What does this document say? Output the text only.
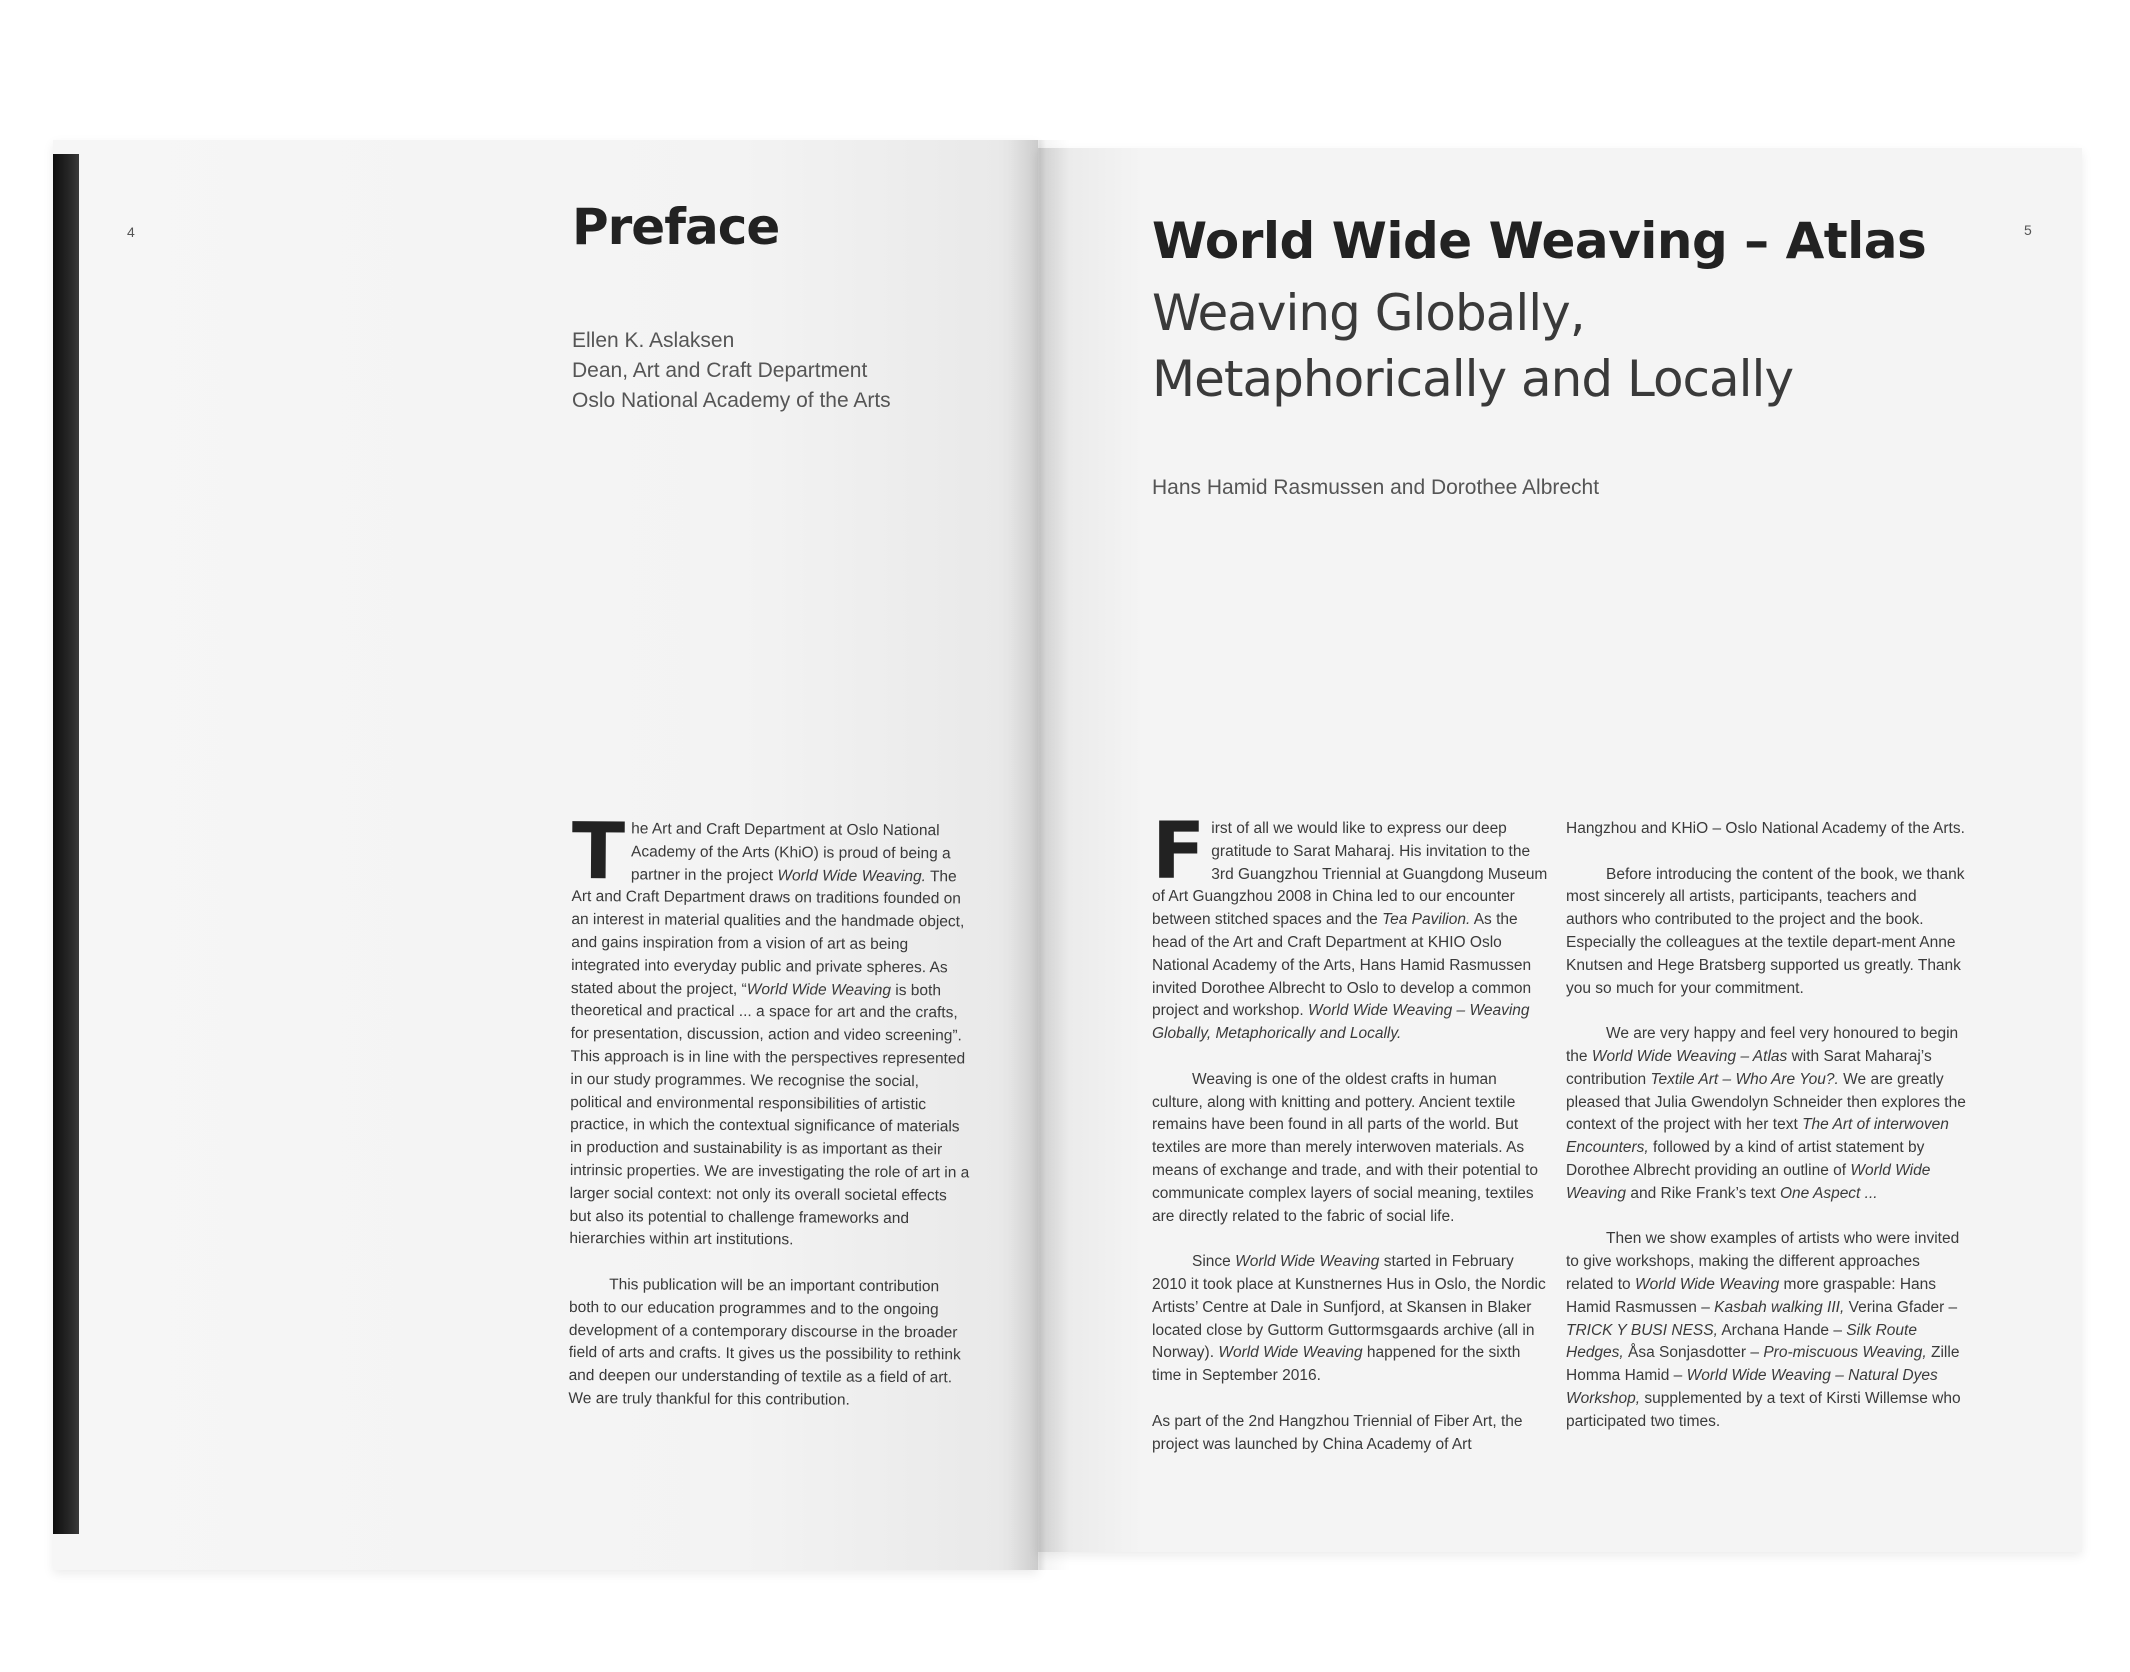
4	Preface
Ellen K. Aslaksen
Dean, Art and Craft Department
Oslo National Academy of the Arts

The Art and Craft Department at Oslo National Academy of the Arts (KhiO) is proud of being a partner in the project World Wide Weaving. The Art and Craft Department draws on traditions founded on an interest in material qualities and the handmade object, and gains inspiration from a vision of art as being integrated into everyday public and private spheres. As stated about the project, “World Wide Weaving is both theoretical and practical ... a space for art and the crafts, for presentation, discussion, action and video screening”. This approach is in line with the perspectives represented in our study programmes. We recognise the social, political and environmental responsibilities of artistic practice, in which the contextual significance of materials in production and sustainability is as important as their intrinsic properties. We are investigating the role of art in a larger social context: not only its overall societal effects but also its potential to challenge frameworks and hierarchies within art institutions.

This publication will be an important contribution both to our education programmes and to the ongoing development of a contemporary discourse in the broader field of arts and crafts. It gives us the possibility to rethink and deepen our understanding of textile as a field of art. We are truly thankful for this contribution.

5
World Wide Weaving – Atlas
Weaving Globally, Metaphorically and Locally
Hans Hamid Rasmussen and Dorothee Albrecht

First of all we would like to express our deep gratitude to Sarat Maharaj. His invitation to the 3rd Guangzhou Triennial at Guangdong Museum of Art Guangzhou 2008 in China led to our encounter between stitched spaces and the Tea Pavilion. As the head of the Art and Craft Department at KHIO Oslo National Academy of the Arts, Hans Hamid Rasmussen invited Dorothee Albrecht to Oslo to develop a common project and workshop. World Wide Weaving – Weaving Globally, Metaphorically and Locally.

Weaving is one of the oldest crafts in human culture, along with knitting and pottery. Ancient textile remains have been found in all parts of the world. But textiles are more than merely interwoven materials. As means of exchange and trade, and with their potential to communicate complex layers of social meaning, textiles are directly related to the fabric of social life.

Since World Wide Weaving started in February 2010 it took place at Kunstnernes Hus in Oslo, the Nordic Artists’ Centre at Dale in Sunfjord, at Skansen in Blaker located close by Guttorm Guttormsgaards archive (all in Norway). World Wide Weaving happened for the sixth time in September 2016.

As part of the 2nd Hangzhou Triennial of Fiber Art, the project was launched by China Academy of Art

Hangzhou and KHiO – Oslo National Academy of the Arts.

Before introducing the content of the book, we thank most sincerely all artists, participants, teachers and authors who contributed to the project and the book. Especially the colleagues at the textile depart-ment Anne Knutsen and Hege Bratsberg supported us greatly. Thank you so much for your commitment.

We are very happy and feel very honoured to begin the World Wide Weaving – Atlas with Sarat Maharaj’s contribution Textile Art – Who Are You?. We are greatly pleased that Julia Gwendolyn Schneider then explores the context of the project with her text The Art of interwoven Encounters, followed by a kind of artist statement by Dorothee Albrecht providing an outline of World Wide Weaving and Rike Frank’s text One Aspect ...

Then we show examples of artists who were invited to give workshops, making the different approaches related to World Wide Weaving more graspable: Hans Hamid Rasmussen – Kasbah walking III, Verina Gfader – TRICK Y BUSI NESS, Archana Hande – Silk Route Hedges, Åsa Sonjasdotter – Pro-miscuous Weaving, Zille Homma Hamid – World Wide Weaving – Natural Dyes Workshop, supplemented by a text of Kirsti Willemse who participated two times.
